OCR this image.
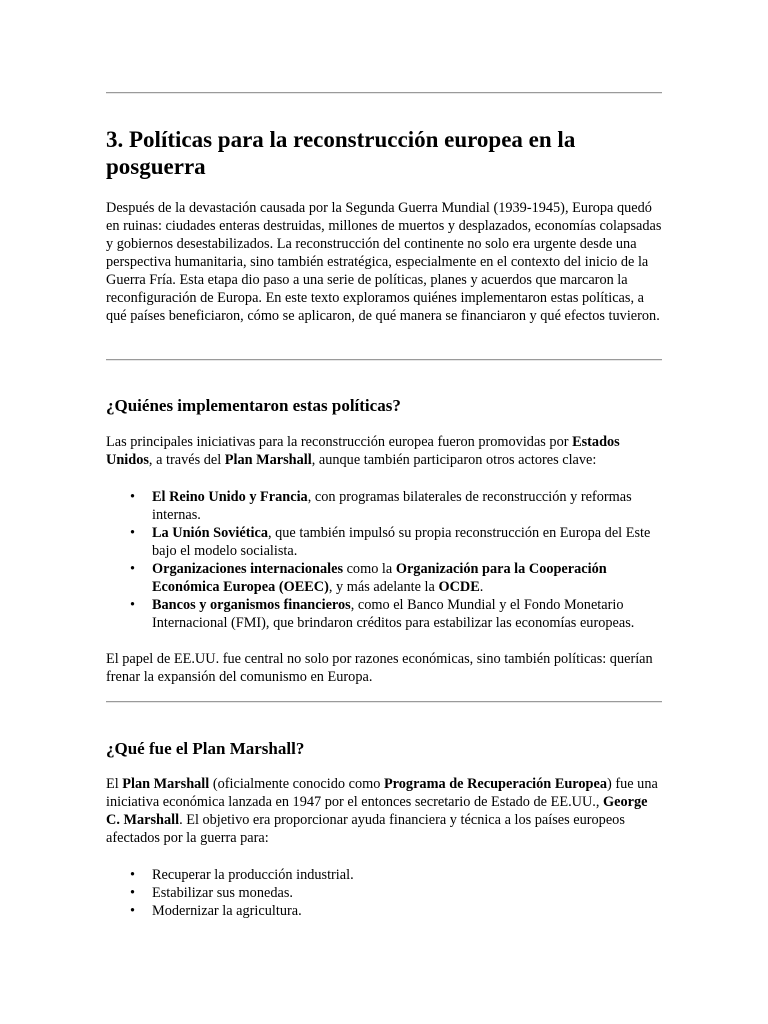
3. Políticas para la reconstrucción europea en la posguerra

Después de la devastación causada por la Segunda Guerra Mundial (1939-1945), Europa quedó en ruinas: ciudades enteras destruidas, millones de muertos y desplazados, economías colapsadas y gobiernos desestabilizados. La reconstrucción del continente no solo era urgente desde una perspectiva humanitaria, sino también estratégica, especialmente en el contexto del inicio de la Guerra Fría. Esta etapa dio paso a una serie de políticas, planes y acuerdos que marcaron la reconfiguración de Europa. En este texto exploramos quiénes implementaron estas políticas, a qué países beneficiaron, cómo se aplicaron, de qué manera se financiaron y qué efectos tuvieron.

¿Quiénes implementaron estas políticas?

Las principales iniciativas para la reconstrucción europea fueron promovidas por Estados Unidos, a través del Plan Marshall, aunque también participaron otros actores clave:

• El Reino Unido y Francia, con programas bilaterales de reconstrucción y reformas internas.
• La Unión Soviética, que también impulsó su propia reconstrucción en Europa del Este bajo el modelo socialista.
• Organizaciones internacionales como la Organización para la Cooperación Económica Europea (OEEC), y más adelante la OCDE.
• Bancos y organismos financieros, como el Banco Mundial y el Fondo Monetario Internacional (FMI), que brindaron créditos para estabilizar las economías europeas.

El papel de EE.UU. fue central no solo por razones económicas, sino también políticas: querían frenar la expansión del comunismo en Europa.

¿Qué fue el Plan Marshall?

El Plan Marshall (oficialmente conocido como Programa de Recuperación Europea) fue una iniciativa económica lanzada en 1947 por el entonces secretario de Estado de EE.UU., George C. Marshall. El objetivo era proporcionar ayuda financiera y técnica a los países europeos afectados por la guerra para:

• Recuperar la producción industrial.
• Estabilizar sus monedas.
• Modernizar la agricultura.
